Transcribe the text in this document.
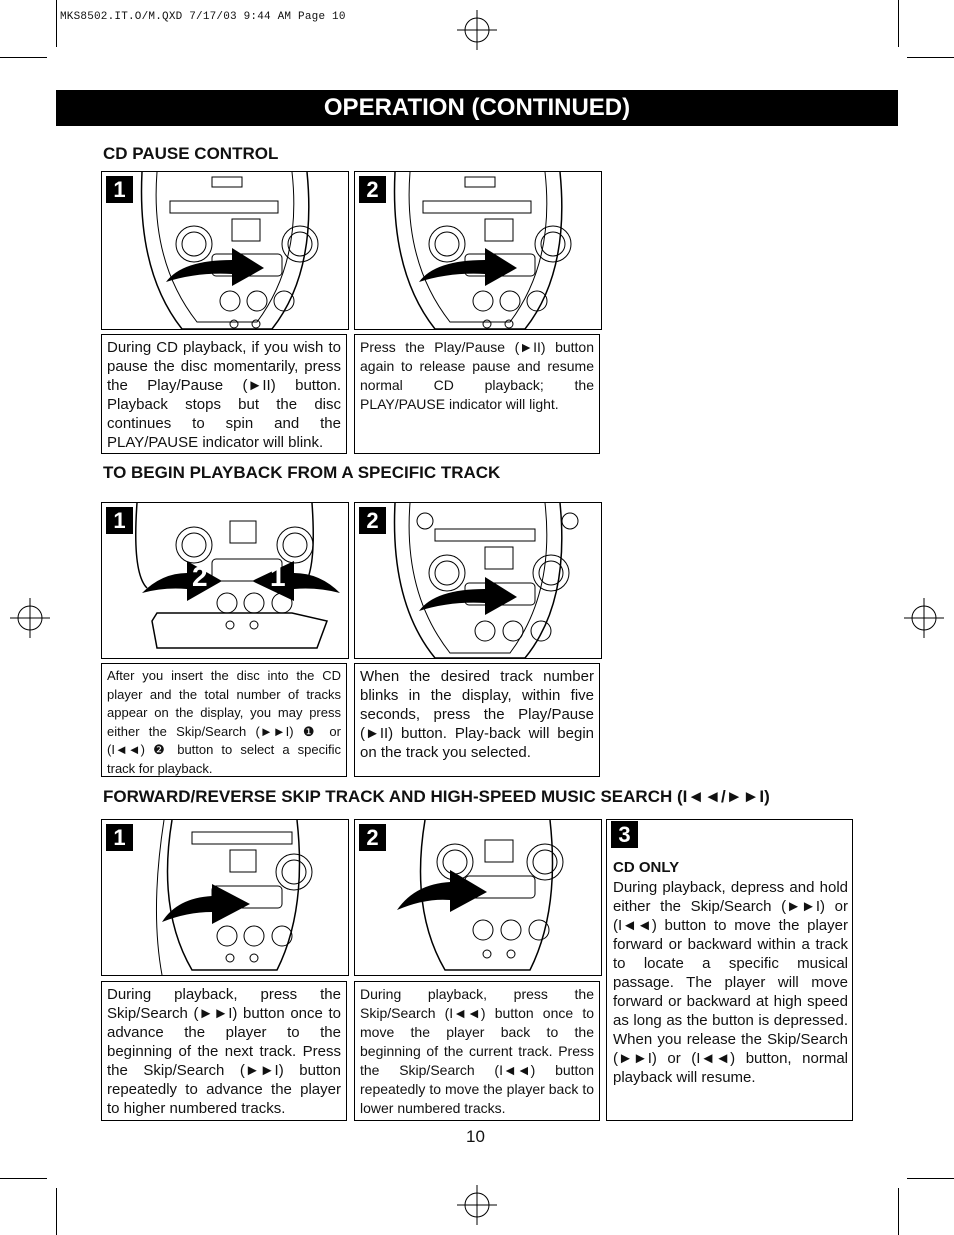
MKS8502.IT.O/M.QXD 7/17/03 9:44 AM Page 10
OPERATION (CONTINUED)
CD PAUSE CONTROL
1	2
During CD playback, if you wish to pause the disc momentarily, press the Play/Pause (►II) button. Playback stops but the disc continues to spin and the PLAY/PAUSE indicator will blink.
Press the Play/Pause (►II) button again to release pause and resume normal CD playback; the PLAY/PAUSE indicator will light.
TO BEGIN PLAYBACK FROM A SPECIFIC TRACK
1
2 1
2
After you insert the disc into the CD player and the total number of tracks appear on the display, you may press either the Skip/Search (►►I) ❶ or (I◄◄) ❷ button to select a specific track for playback.
When the desired track number blinks in the display, within five seconds, press the Play/Pause (►II) button. Play-back will begin on the track you selected.
FORWARD/REVERSE SKIP TRACK AND HIGH-SPEED MUSIC SEARCH (I◄◄/►►I)
1	2
During playback, press the Skip/Search (►►I) button once to advance the player to the beginning of the next track. Press the Skip/Search (►►I) button repeatedly to advance the player to higher numbered tracks.
During playback, press the Skip/Search (I◄◄) button once to move the player back to the beginning of the current track. Press the Skip/Search (I◄◄) button repeatedly to move the player back to lower numbered tracks.
3
CD ONLY
During playback, depress and hold either the Skip/Search (►►I) or (I◄◄) button to move the player forward or backward within a track to locate a specific musical passage. The player will move forward or backward at high speed as long as the button is depressed. When you release the Skip/Search (►►I) or (I◄◄) button, normal playback will resume.
10
